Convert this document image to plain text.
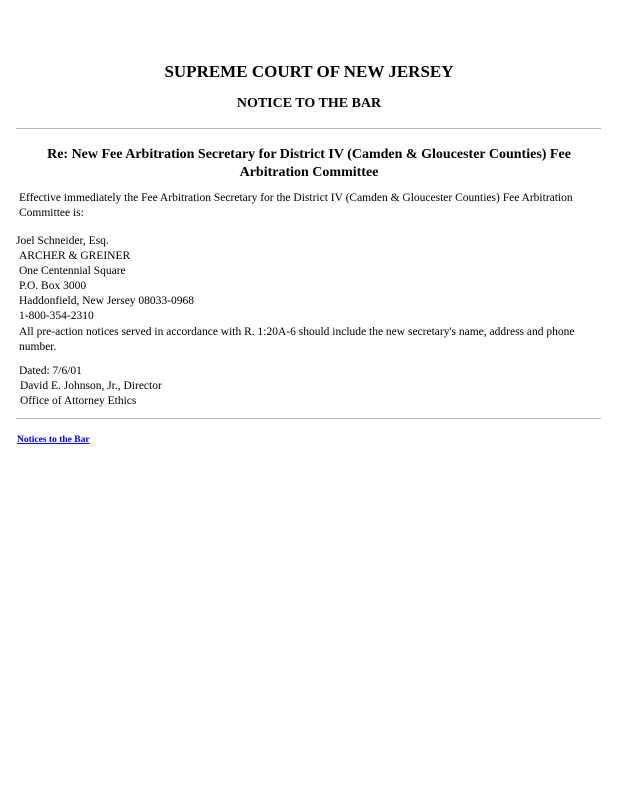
SUPREME COURT OF NEW JERSEY
NOTICE TO THE BAR
Re: New Fee Arbitration Secretary for District IV (Camden & Gloucester Counties) Fee Arbitration Committee

Effective immediately the Fee Arbitration Secretary for the District IV (Camden & Gloucester Counties) Fee Arbitration Committee is:

Joel Schneider, Esq.
ARCHER & GREINER
One Centennial Square
P.O. Box 3000
Haddonfield, New Jersey 08033-0968
1-800-354-2310

All pre-action notices served in accordance with R. 1:20A-6 should include the new secretary's name, address and phone number.

Dated: 7/6/01
David E. Johnson, Jr., Director
Office of Attorney Ethics
Notices to the Bar
